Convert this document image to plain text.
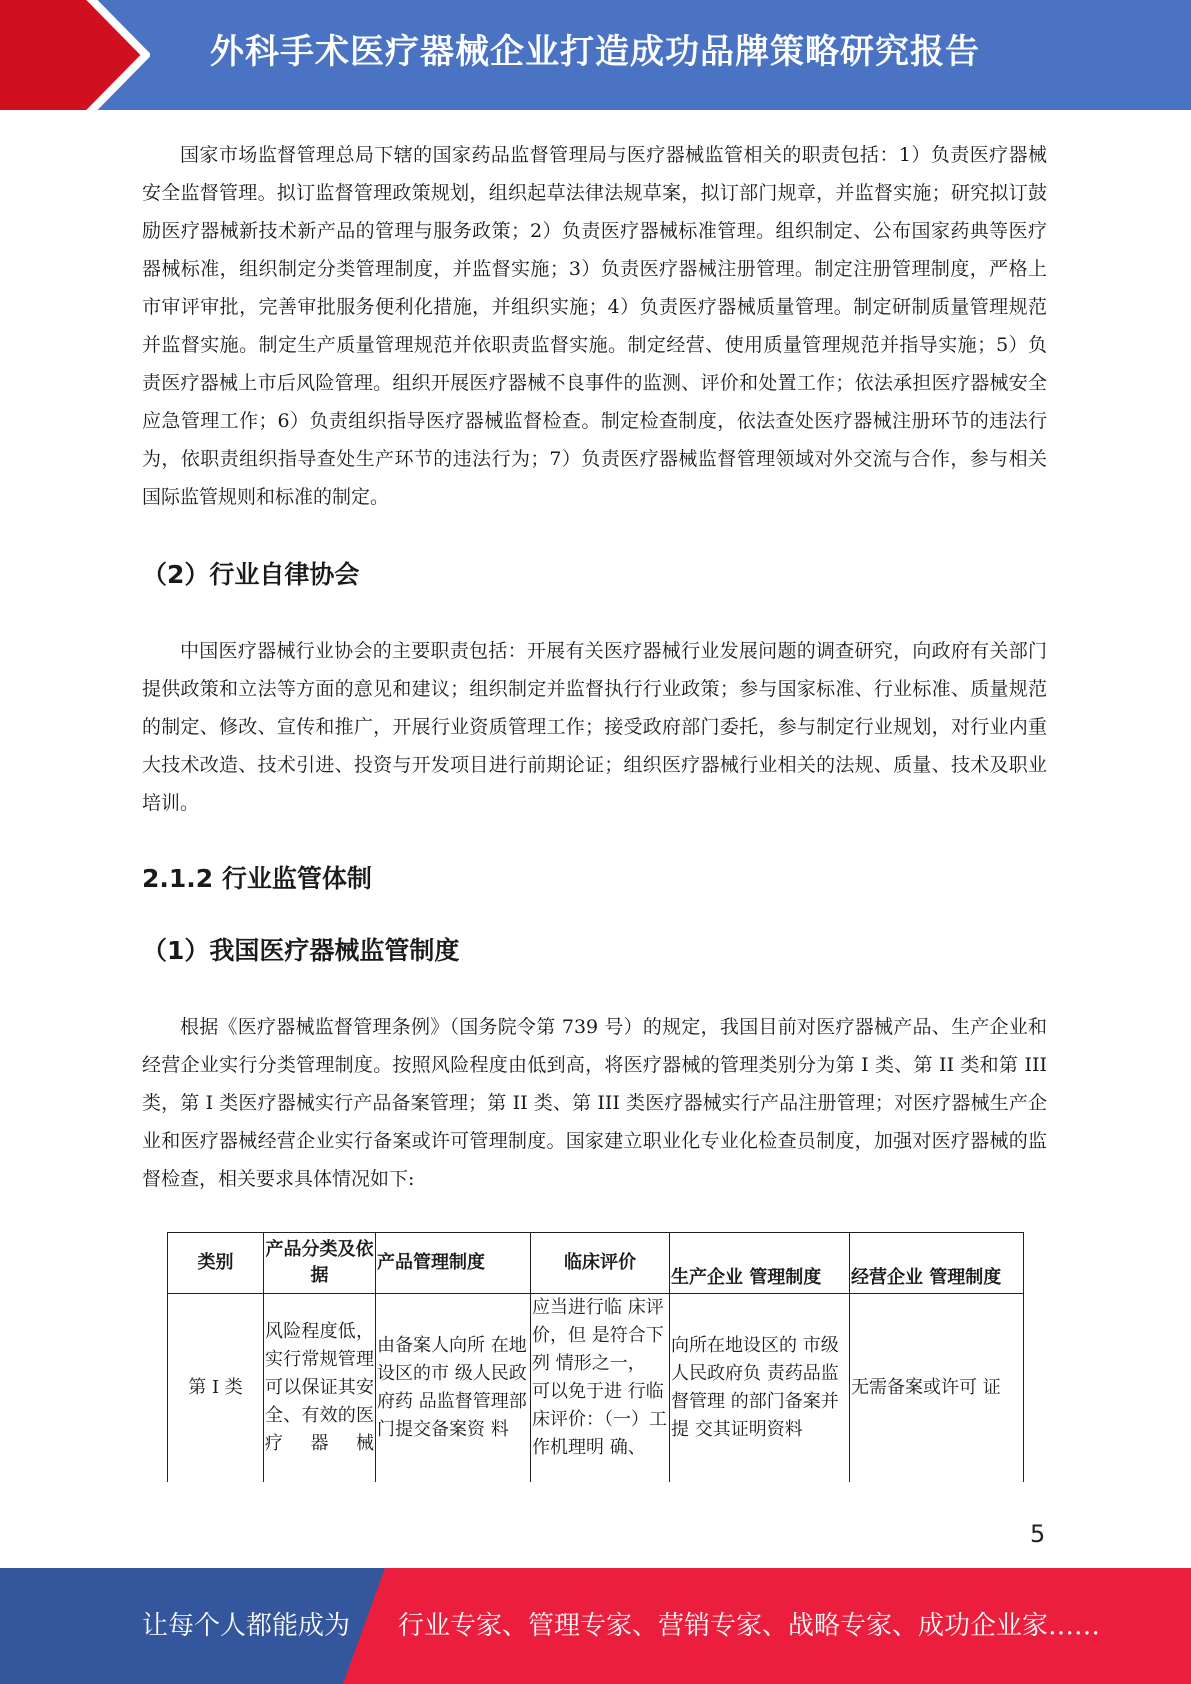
外科手术医疗器械企业打造成功品牌策略研究报告

国家市场监督管理总局下辖的国家药品监督管理局与医疗器械监管相关的职责包括：1）负责医疗器械安全监督管理。拟订监督管理政策规划，组织起草法律法规草案，拟订部门规章，并监督实施；研究拟订鼓励医疗器械新技术新产品的管理与服务政策；2）负责医疗器械标准管理。组织制定、公布国家药典等医疗器械标准，组织制定分类管理制度，并监督实施；3）负责医疗器械注册管理。制定注册管理制度，严格上市审评审批，完善审批服务便利化措施，并组织实施；4）负责医疗器械质量管理。制定研制质量管理规范并监督实施。制定生产质量管理规范并依职责监督实施。制定经营、使用质量管理规范并指导实施；5）负责医疗器械上市后风险管理。组织开展医疗器械不良事件的监测、评价和处置工作；依法承担医疗器械安全应急管理工作；6）负责组织指导医疗器械监督检查。制定检查制度，依法查处医疗器械注册环节的违法行为，依职责组织指导查处生产环节的违法行为；7）负责医疗器械监督管理领域对外交流与合作，参与相关国际监管规则和标准的制定。

（2）行业自律协会

中国医疗器械行业协会的主要职责包括：开展有关医疗器械行业发展问题的调查研究，向政府有关部门提供政策和立法等方面的意见和建议；组织制定并监督执行行业政策；参与国家标准、行业标准、质量规范的制定、修改、宣传和推广，开展行业资质管理工作；接受政府部门委托，参与制定行业规划，对行业内重大技术改造、技术引进、投资与开发项目进行前期论证；组织医疗器械行业相关的法规、质量、技术及职业培训。

2.1.2 行业监管体制
（1）我国医疗器械监管制度

根据《医疗器械监督管理条例》（国务院令第 739 号）的规定，我国目前对医疗器械产品、生产企业和经营企业实行分类管理制度。按照风险程度由低到高，将医疗器械的管理类别分为第 I 类、第 II 类和第 III 类，第 I 类医疗器械实行产品备案管理；第 II 类、第 III 类医疗器械实行产品注册管理；对医疗器械生产企业和医疗器械经营企业实行备案或许可管理制度。国家建立职业化专业化检查员制度，加强对医疗器械的监督检查，相关要求具体情况如下:

类别	产品分类及依据	产品管理制度	临床评价	生产企业 管理制度	经营企业 管理制度
第 I 类	风险程度低，实行常规管理可以保证其安全、有效的医疗器械	由备案人向所 在地设区的市 级人民政府药 品监督管理部 门提交备案资 料	应当进行临 床评价，但 是符合下列 情形之一， 可以免于进 行临床评价：（一）工作机理明 确、	向所在地设区的 市级人民政府负 责药品监督管理 的部门备案并提 交其证明资料	无需备案或许可 证
5
让每个人都能成为 行业专家、管理专家、营销专家、战略专家、成功企业家……
